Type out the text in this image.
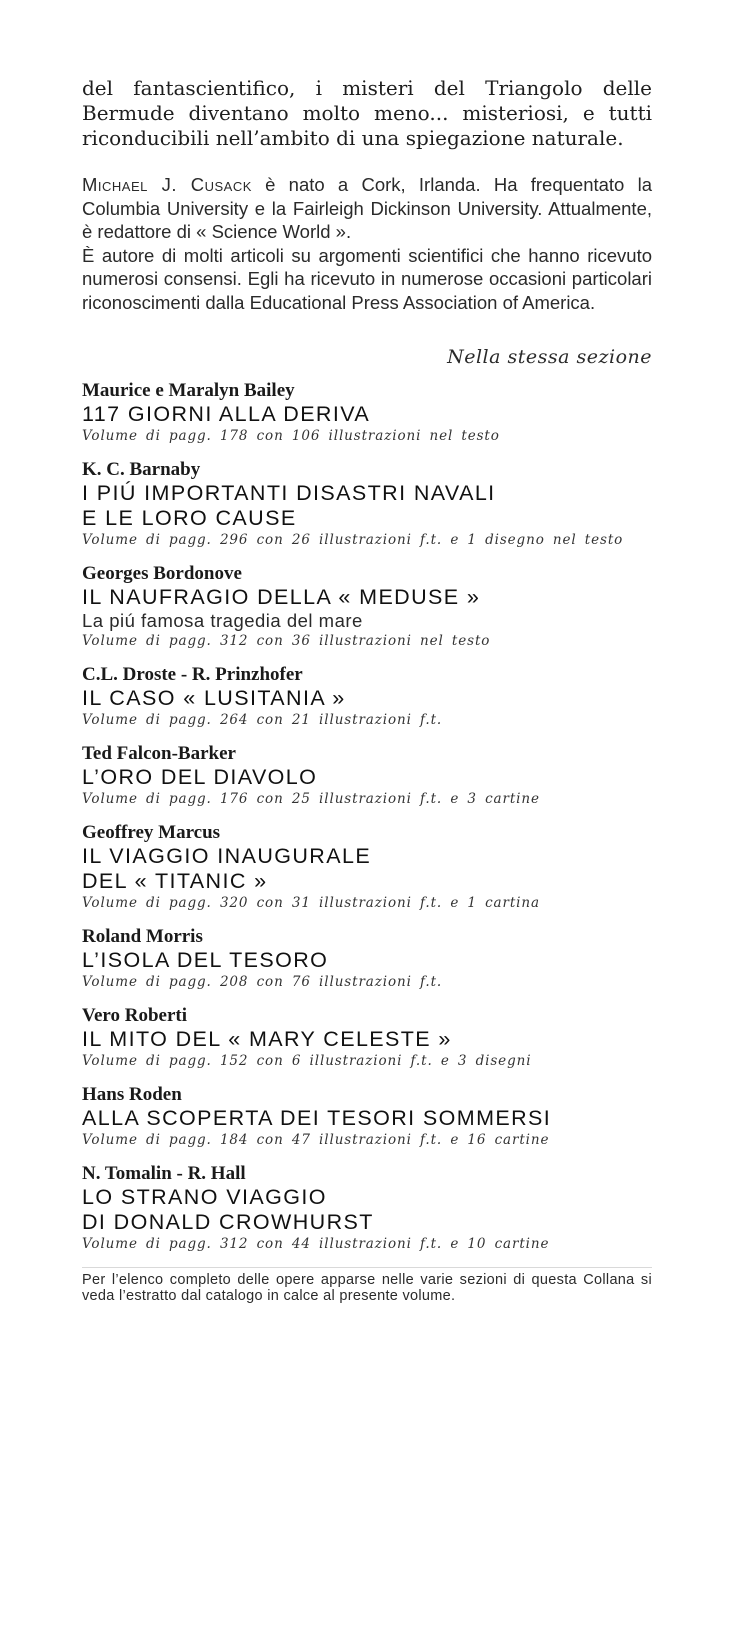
del fantascientifico, i misteri del Triangolo delle Bermude diventano molto meno... misteriosi, e tutti riconducibili nell’ambito di una spiegazione naturale.

Michael J. Cusack è nato a Cork, Irlanda. Ha frequentato la Columbia University e la Fairleigh Dickinson University. Attualmente, è redattore di « Science World ».

È autore di molti articoli su argomenti scientifici che hanno ricevuto numerosi consensi. Egli ha ricevuto in numerose occasioni particolari riconoscimenti dalla Educational Press Association of America.

Nella stessa sezione
Maurice e Maralyn Bailey
117 GIORNI ALLA DERIVA
Volume di pagg. 178 con 106 illustrazioni nel testo
K. C. Barnaby
I PIÚ IMPORTANTI DISASTRI NAVALI
E LE LORO CAUSE
Volume di pagg. 296 con 26 illustrazioni f.t. e 1 disegno nel testo
Georges Bordonove
IL NAUFRAGIO DELLA « MEDUSE »
La piú famosa tragedia del mare
Volume di pagg. 312 con 36 illustrazioni nel testo
C.L. Droste - R. Prinzhofer
IL CASO « LUSITANIA »
Volume di pagg. 264 con 21 illustrazioni f.t.
Ted Falcon-Barker
L’ORO DEL DIAVOLO
Volume di pagg. 176 con 25 illustrazioni f.t. e 3 cartine
Geoffrey Marcus
IL VIAGGIO INAUGURALE
DEL « TITANIC »
Volume di pagg. 320 con 31 illustrazioni f.t. e 1 cartina
Roland Morris
L’ISOLA DEL TESORO
Volume di pagg. 208 con 76 illustrazioni f.t.
Vero Roberti
IL MITO DEL « MARY CELESTE »
Volume di pagg. 152 con 6 illustrazioni f.t. e 3 disegni
Hans Roden
ALLA SCOPERTA DEI TESORI SOMMERSI
Volume di pagg. 184 con 47 illustrazioni f.t. e 16 cartine
N. Tomalin - R. Hall
LO STRANO VIAGGIO
DI DONALD CROWHURST
Volume di pagg. 312 con 44 illustrazioni f.t. e 10 cartine
Per l’elenco completo delle opere apparse nelle varie sezioni di questa Collana si veda l’estratto dal catalogo in calce al presente volume.
